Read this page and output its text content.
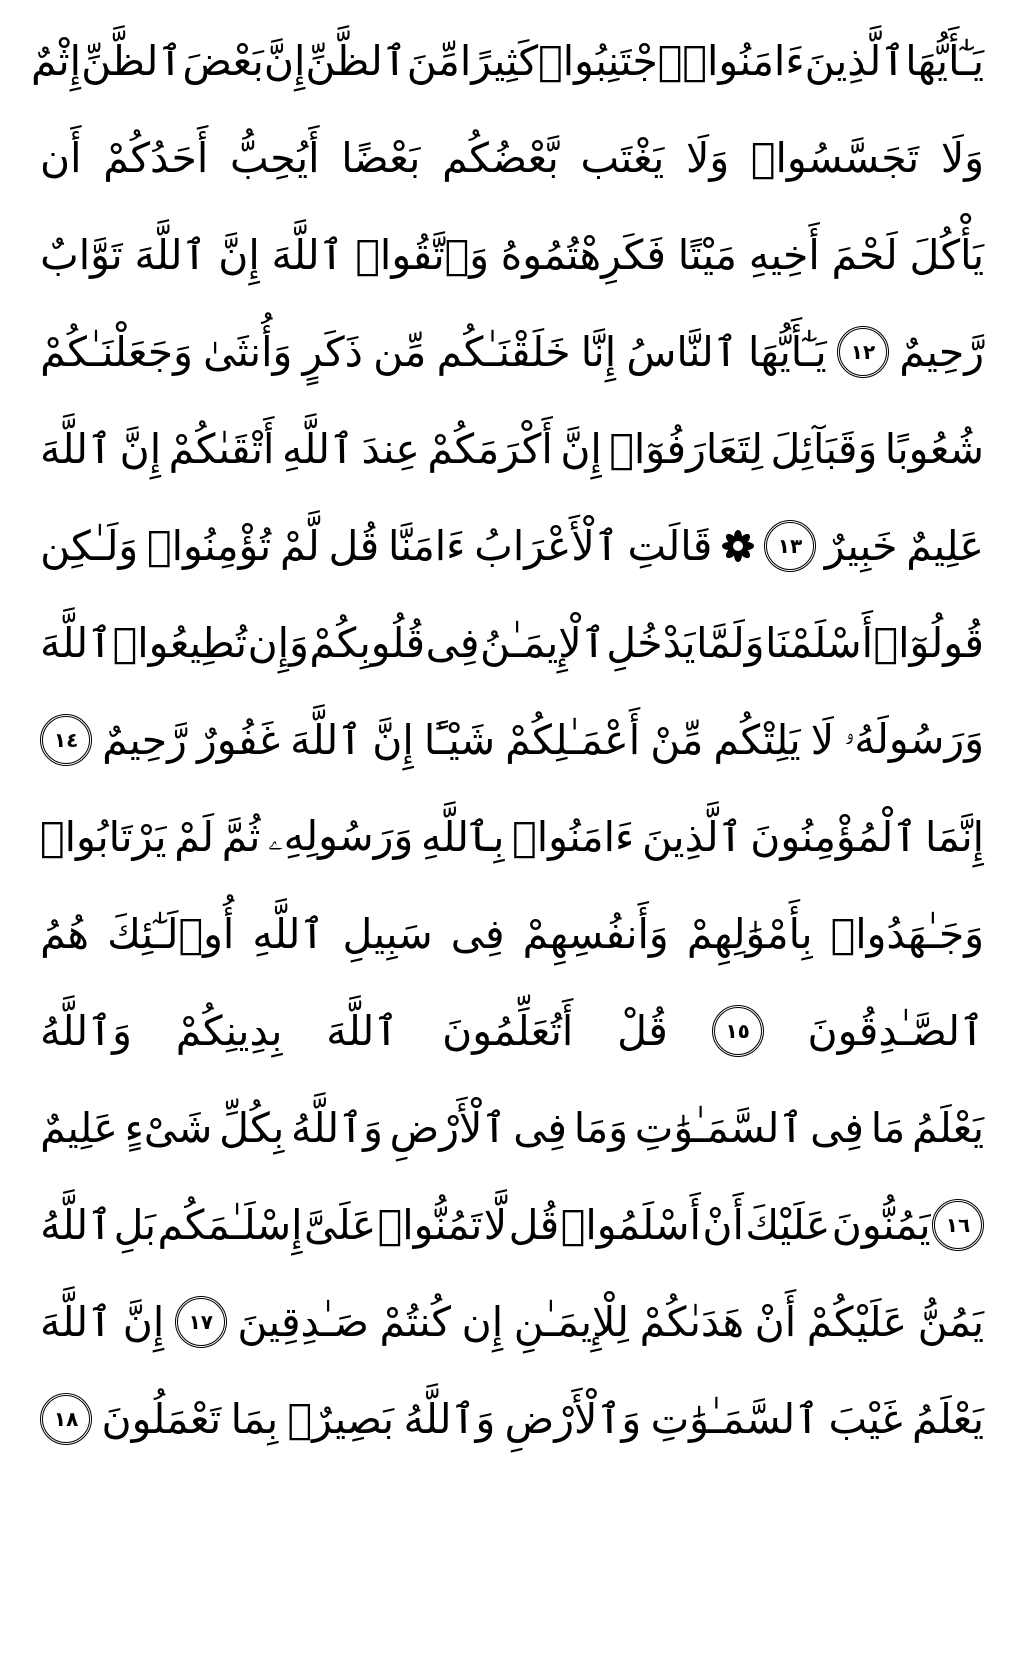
يَـٰٓأَيُّهَا
ٱلَّذِينَ
ءَامَنُوا۟
ٱجْتَنِبُوا۟
كَثِيرًا
مِّنَ
ٱلظَّنِّ
إِنَّ
بَعْضَ
ٱلظَّنِّ
إِثْمٌ
وَلَا
تَجَسَّسُوا۟
وَلَا
يَغْتَب
بَّعْضُكُم
بَعْضًا
أَيُحِبُّ
أَحَدُكُمْ
أَن
يَأْكُلَ
لَحْمَ
أَخِيهِ
مَيْتًا
فَكَرِهْتُمُوهُ
وَٱتَّقُوا۟
ٱللَّهَ
إِنَّ
ٱللَّهَ
تَوَّابٌ
رَّحِيمٌ
١٢
يَـٰٓأَيُّهَا
ٱلنَّاسُ
إِنَّا
خَلَقْنَـٰكُم
مِّن
ذَكَرٍ
وَأُنثَىٰ
وَجَعَلْنَـٰكُمْ
شُعُوبًا
وَقَبَآئِلَ
لِتَعَارَفُوٓا۟
إِنَّ
أَكْرَمَكُمْ
عِندَ
ٱللَّهِ
أَتْقَىٰكُمْ
إِنَّ
ٱللَّهَ
عَلِيمٌ
خَبِيرٌ
١٣
قَالَتِ
ٱلْأَعْرَابُ
ءَامَنَّا
قُل
لَّمْ
تُؤْمِنُوا۟
وَلَـٰكِن
قُولُوٓا۟
أَسْلَمْنَا
وَلَمَّا
يَدْخُلِ
ٱلْإِيمَـٰنُ
فِى
قُلُوبِكُمْ
وَإِن
تُطِيعُوا۟
ٱللَّهَ
وَرَسُولَهُۥ
لَا
يَلِتْكُم
مِّنْ
أَعْمَـٰلِكُمْ
شَيْـًٔا
إِنَّ
ٱللَّهَ
غَفُورٌ
رَّحِيمٌ
١٤
إِنَّمَا
ٱلْمُؤْمِنُونَ
ٱلَّذِينَ
ءَامَنُوا۟
بِٱللَّهِ
وَرَسُولِهِۦ
ثُمَّ
لَمْ
يَرْتَابُوا۟
وَجَـٰهَدُوا۟
بِأَمْوَٰلِهِمْ
وَأَنفُسِهِمْ
فِى
سَبِيلِ
ٱللَّهِ
أُو۟لَـٰٓئِكَ
هُمُ
ٱلصَّـٰدِقُونَ
١٥
قُلْ
أَتُعَلِّمُونَ
ٱللَّهَ
بِدِينِكُمْ
وَٱللَّهُ
يَعْلَمُ
مَا
فِى
ٱلسَّمَـٰوَٰتِ
وَمَا
فِى
ٱلْأَرْضِ
وَٱللَّهُ
بِكُلِّ
شَىْءٍ
عَلِيمٌ
١٦
يَمُنُّونَ
عَلَيْكَ
أَنْ
أَسْلَمُوا۟
قُل
لَّا
تَمُنُّوا۟
عَلَىَّ
إِسْلَـٰمَكُم
بَلِ
ٱللَّهُ
يَمُنُّ
عَلَيْكُمْ
أَنْ
هَدَىٰكُمْ
لِلْإِيمَـٰنِ
إِن
كُنتُمْ
صَـٰدِقِينَ
١٧
إِنَّ
ٱللَّهَ
يَعْلَمُ
غَيْبَ
ٱلسَّمَـٰوَٰتِ
وَٱلْأَرْضِ
وَٱللَّهُ
بَصِيرٌۢ
بِمَا
تَعْمَلُونَ
١٨
